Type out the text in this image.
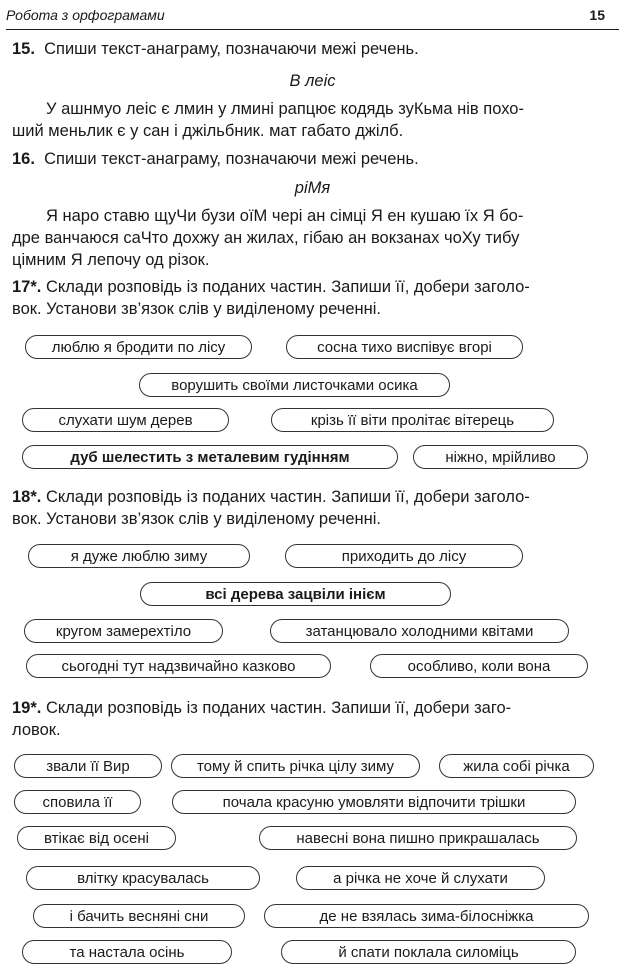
Робота з орфограмами	15
15. Спиши текст-анаграму, позначаючи межі речень.
В леіс
У ашнмуо леіс є лмин у лмині рапцює кодядь зуКьма нів похо-
ший меньлик є у сан і джільбник. мат габато джілб.
16. Спиши текст-анаграму, позначаючи межі речень.
ріМя
Я наро ставю щуЧи бузи оїМ чері ан сімці Я ен кушаю їх Я бо-
дре ванчаюся саЧто дохжу ан жилах, гібаю ан вокзанах чоХу тибу
цімним Я лепочу од різок.
17*. Склади розповідь із поданих частин. Запиши її, добери заголо-
вок. Установи зв’язок слів у виділеному реченні.
люблю я бродити по лісу	сосна тихо виспівує вгорі
ворушить своїми листочками осика
слухати шум дерев	крізь її віти пролітає вітерець
дуб шелестить з металевим гудінням	ніжно, мрійливо
18*. Склади розповідь із поданих частин. Запиши її, добери заголо-
вок. Установи зв’язок слів у виділеному реченні.
я дуже люблю зиму	приходить до лісу
всі дерева зацвіли інієм
кругом замерехтіло	затанцювало холодними квітами
сьогодні тут надзвичайно казково	особливо, коли вона
19*. Склади розповідь із поданих частин. Запиши її, добери заго-
ловок.
звали її Вир	тому й спить річка цілу зиму	жила собі річка
сповила її	почала красуню умовляти відпочити трішки
втікає від осені	навесні вона пишно прикрашалась
влітку красувалась	а річка не хоче й слухати
і бачить весняні сни	де не взялась зима-білосніжка
та настала осінь	й спати поклала силоміць
